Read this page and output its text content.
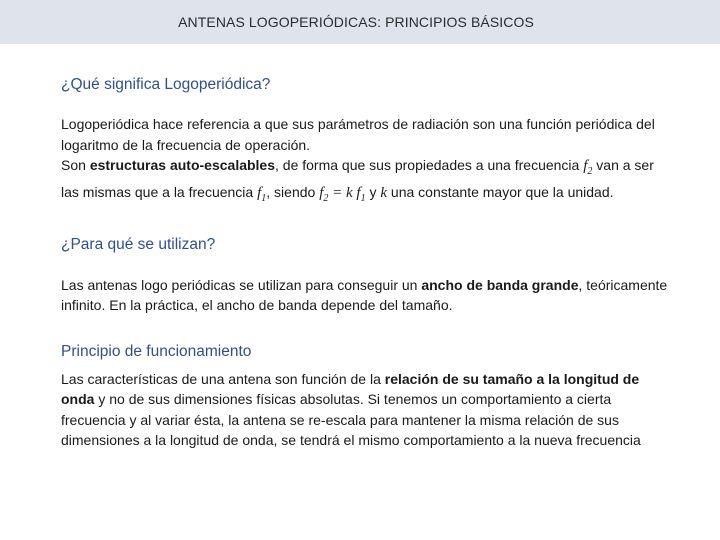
ANTENAS LOGOPERIÓDICAS: PRINCIPIOS BÁSICOS

¿Qué significa Logoperiódica?

Logoperiódica hace referencia a que sus parámetros de radiación son una función periódica del logaritmo de la frecuencia de operación.
Son estructuras auto-escalables, de forma que sus propiedades a una frecuencia $f_2$ van a ser las mismas que a la frecuencia $f_1$, siendo $f_2 = k$ $f_1$ y k una constante mayor que la unidad.

¿Para qué se utilizan?

Las antenas logo periódicas se utilizan para conseguir un ancho de banda grande, teóricamente infinito. En la práctica, el ancho de banda depende del tamaño.

Principio de funcionamiento

Las características de una antena son función de la relación de su tamaño a la longitud de onda y no de sus dimensiones físicas absolutas. Si tenemos un comportamiento a cierta frecuencia y al variar ésta, la antena se re-escala para mantener la misma relación de sus dimensiones a la longitud de onda, se tendrá el mismo comportamiento a la nueva frecuencia
